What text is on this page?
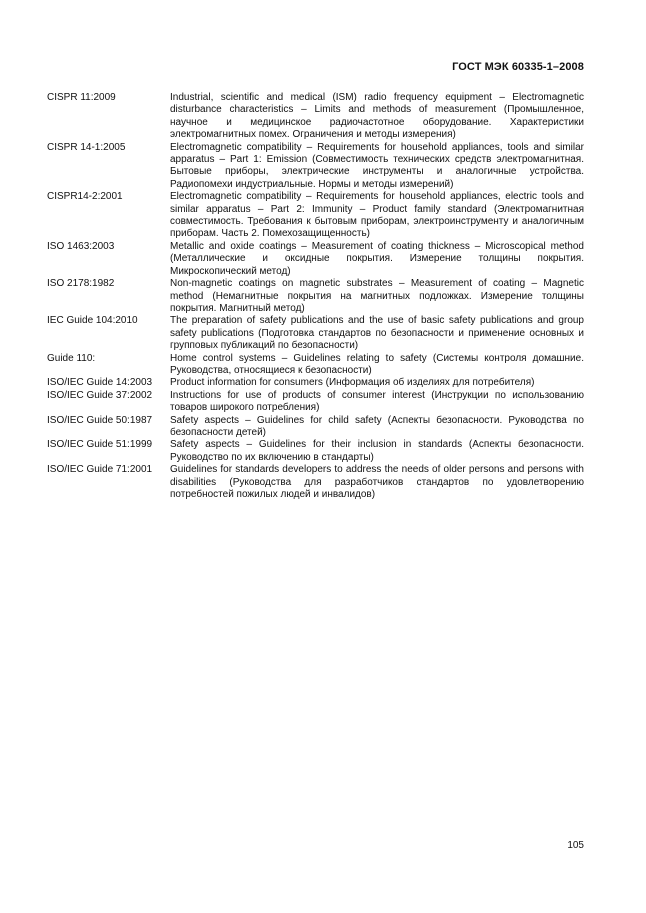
ГОСТ МЭК 60335-1–2008
CISPR 11:2009	Industrial, scientific and medical (ISM) radio frequency equipment – Electromagnetic disturbance characteristics – Limits and methods of measurement (Промышленное, научное и медицинское радиочастотное оборудование. Характеристики электромагнитных помех. Ограничения и методы измерения)
CISPR 14-1:2005	Electromagnetic compatibility – Requirements for household appliances, tools and similar apparatus – Part 1: Emission (Совместимость технических средств электромагнитная. Бытовые приборы, электрические инструменты и аналогичные устройства. Радиопомехи индустриальные. Нормы и методы измерений)
CISPR14-2:2001	Electromagnetic compatibility – Requirements for household appliances, electric tools and similar apparatus – Part 2: Immunity – Product family standard (Электромагнитная совместимость. Требования к бытовым приборам, электроинструменту и аналогичным приборам. Часть 2. Помехозащищенность)
ISO 1463:2003	Metallic and oxide coatings – Measurement of coating thickness – Microscopical method (Металлические и оксидные покрытия. Измерение толщины покрытия. Микроскопический метод)
ISO 2178:1982	Non-magnetic coatings on magnetic substrates – Measurement of coating – Magnetic method (Немагнитные покрытия на магнитных подложках. Измерение толщины покрытия. Магнитный метод)
IEC Guide 104:2010	The preparation of safety publications and the use of basic safety publications and group safety publications (Подготовка стандартов по безопасности и применение основных и групповых публикаций по безопасности)
Guide 110:	Home control systems – Guidelines relating to safety (Системы контроля домашние. Руководства, относящиеся к безопасности)
ISO/IEC Guide 14:2003	Product information for consumers (Информация об изделиях для потребителя)
ISO/IEC Guide 37:2002	Instructions for use of products of consumer interest (Инструкции по использованию товаров широкого потребления)
ISO/IEC Guide 50:1987	Safety aspects – Guidelines for child safety (Аспекты безопасности. Руководства по безопасности детей)
ISO/IEC Guide 51:1999	Safety aspects – Guidelines for their inclusion in standards (Аспекты безопасности. Руководство по их включению в стандарты)
ISO/IEC Guide 71:2001	Guidelines for standards developers to address the needs of older persons and persons with disabilities (Руководства для разработчиков стандартов по удовлетворению потребностей пожилых людей и инвалидов)
105
